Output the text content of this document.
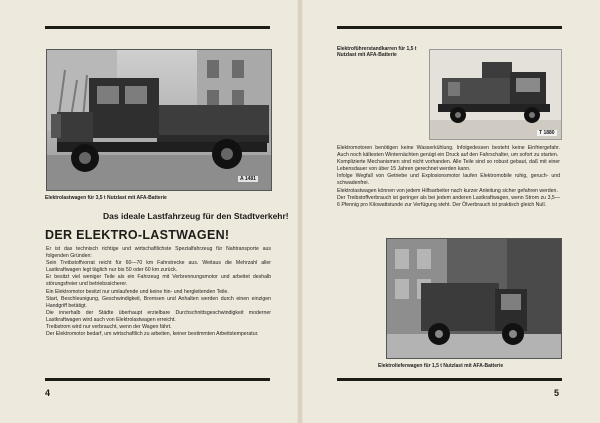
A 1481
Elektrolastwagen für 3,5 t Nutzlast mit AFA-Batterie
Das ideale Lastfahrzeug für den Stadtverkehr!
DER ELEKTRO-LASTWAGEN!

Er ist das technisch richtige und wirtschaftlichste Spezialfahrzeug für Nahtransporte aus folgenden Gründen:

Sein Treibstoffvorrat reicht für 60—70 km Fahrstrecke aus. Weitaus die Mehrzahl aller Lastkraftwagen legt täglich nur bis 50 oder 60 km zurück.

Er besitzt viel weniger Teile als ein Fahrzeug mit Verbrennungsmotor und arbeitet deshalb störungsfreier und betriebssicherer.

Ein Elektromotor besitzt nur umlaufende und keine hin- und hergleitenden Teile.

Start, Beschleunigung, Geschwindigkeit, Bremsen und Anhalten werden durch einen einzigen Handgriff betätigt.

Die innerhalb der Städte überhaupt erzielbare Durchschnittsgeschwindigkeit moderner Lastkraftwagen wird auch von Elektrolastwagen erreicht.

Treibstrom wird nur verbraucht, wenn der Wagen fährt.

Der Elektromotor bedarf, um wirtschaftlich zu arbeiten, keiner bestimmten Arbeitstemperatur.

4
Elektroführerstandkarren für 1,5 t
Nutzlast mit AFA-Batterie
T 1880

Elektromotoren benötigen keine Wasserkühlung. Infolgedessen besteht keine Einfriergefahr. Auch noch kältesten Winternächten genügt ein Druck auf den Fahrschalter, um sofort zu starten.

Komplizierte Mechanismen sind nicht vorhanden. Alle Teile sind so robust gebaut, daß mit einer Lebensdauer von über 15 Jahren gerechnet werden kann.

Infolge Wegfall von Getriebe und Explosionsmotor laufen Elektromobile ruhig, geruch- und schwadenfrei.

Elektrolastwagen können von jedem Hilfsarbeiter nach kurzer Anleitung sicher gefahren werden.

Der Treibstoffverbrauch ist geringer als bei jedem anderen Lastkraftwagen, wenn Strom zu 3,5—6 Pfennig pro Kilowattstunde zur Verfügung steht. Der Ölverbrauch ist praktisch gleich Null.

Elektrolieferwagen für 1,5 t Nutzlast mit AFA-Batterie
5
